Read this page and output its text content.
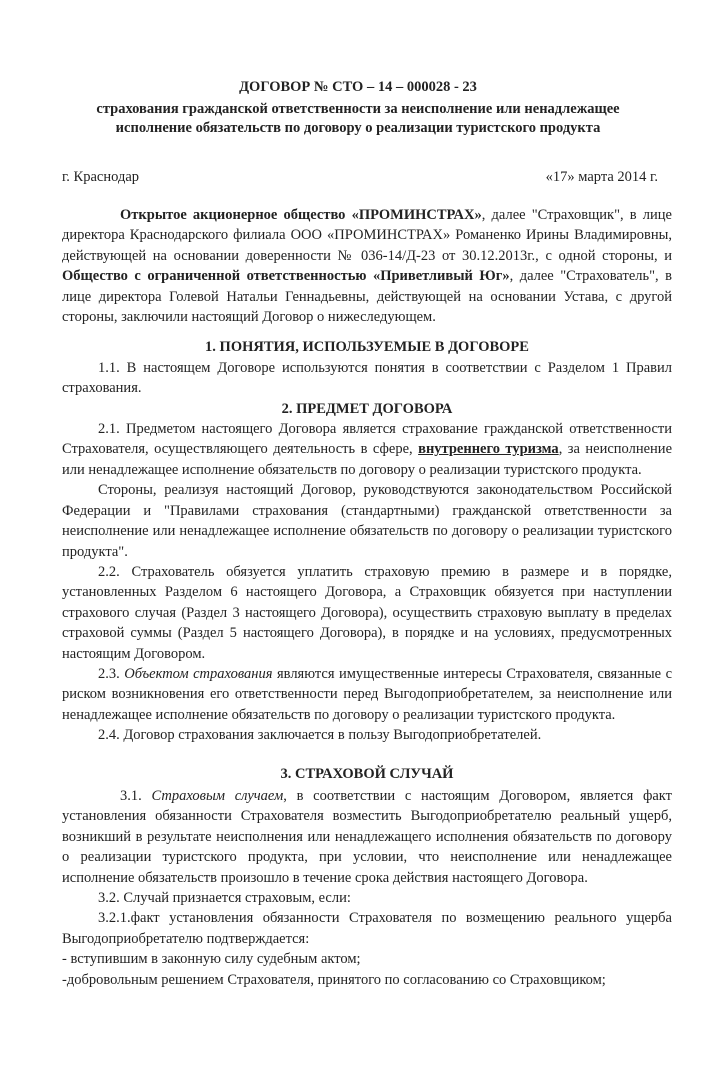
ДОГОВОР № СТО – 14 – 000028 - 23
страхования гражданской ответственности за неисполнение или ненадлежащее
исполнение обязательств по договору о реализации туристского продукта
г. Краснодар	«17» марта 2014 г.

Открытое акционерное общество «ПРОМИНСТРАХ», далее "Страховщик", в лице директора Краснодарского филиала ООО «ПРОМИНСТРАХ» Романенко Ирины Владимировны, действующей на основании доверенности № 036-14/Д-23 от 30.12.2013г., с одной стороны, и Общество с ограниченной ответственностью «Приветливый Юг», далее "Страхователь", в лице директора Голевой Натальи Геннадьевны, действующей на основании Устава, с другой стороны, заключили настоящий Договор о нижеследующем.

1. ПОНЯТИЯ, ИСПОЛЬЗУЕМЫЕ В ДОГОВОРЕ

1.1. В настоящем Договоре используются понятия в соответствии с Разделом 1 Правил страхования.

2. ПРЕДМЕТ ДОГОВОРА

2.1. Предметом настоящего Договора является страхование гражданской ответственности Страхователя, осуществляющего деятельность в сфере, внутреннего туризма, за неисполнение или ненадлежащее исполнение обязательств по договору о реализации туристского продукта.

Стороны, реализуя настоящий Договор, руководствуются законодательством Российской Федерации и "Правилами страхования (стандартными) гражданской ответственности за неисполнение или ненадлежащее исполнение обязательств по договору о реализации туристского продукта".

2.2. Страхователь обязуется уплатить страховую премию в размере и в порядке, установленных Разделом 6 настоящего Договора, а Страховщик обязуется при наступлении страхового случая (Раздел 3 настоящего Договора), осуществить страховую выплату в пределах страховой суммы (Раздел 5 настоящего Договора), в порядке и на условиях, предусмотренных настоящим Договором.

2.3. Объектом страхования являются имущественные интересы Страхователя, связанные с риском возникновения его ответственности перед Выгодоприобретателем, за неисполнение или ненадлежащее исполнение обязательств по договору о реализации туристского продукта.

2.4. Договор страхования заключается в пользу Выгодоприобретателей.

3. СТРАХОВОЙ СЛУЧАЙ

3.1. Страховым случаем, в соответствии с настоящим Договором, является факт установления обязанности Страхователя возместить Выгодоприобретателю реальный ущерб, возникший в результате неисполнения или ненадлежащего исполнения обязательств по договору о реализации туристского продукта, при условии, что неисполнение или ненадлежащее исполнение обязательств произошло в течение срока действия настоящего Договора.

3.2. Случай признается страховым, если:

3.2.1.факт установления обязанности Страхователя по возмещению реального ущерба Выгодоприобретателю подтверждается:

- вступившим в законную силу судебным актом;

-добровольным решением Страхователя, принятого по согласованию со Страховщиком;
